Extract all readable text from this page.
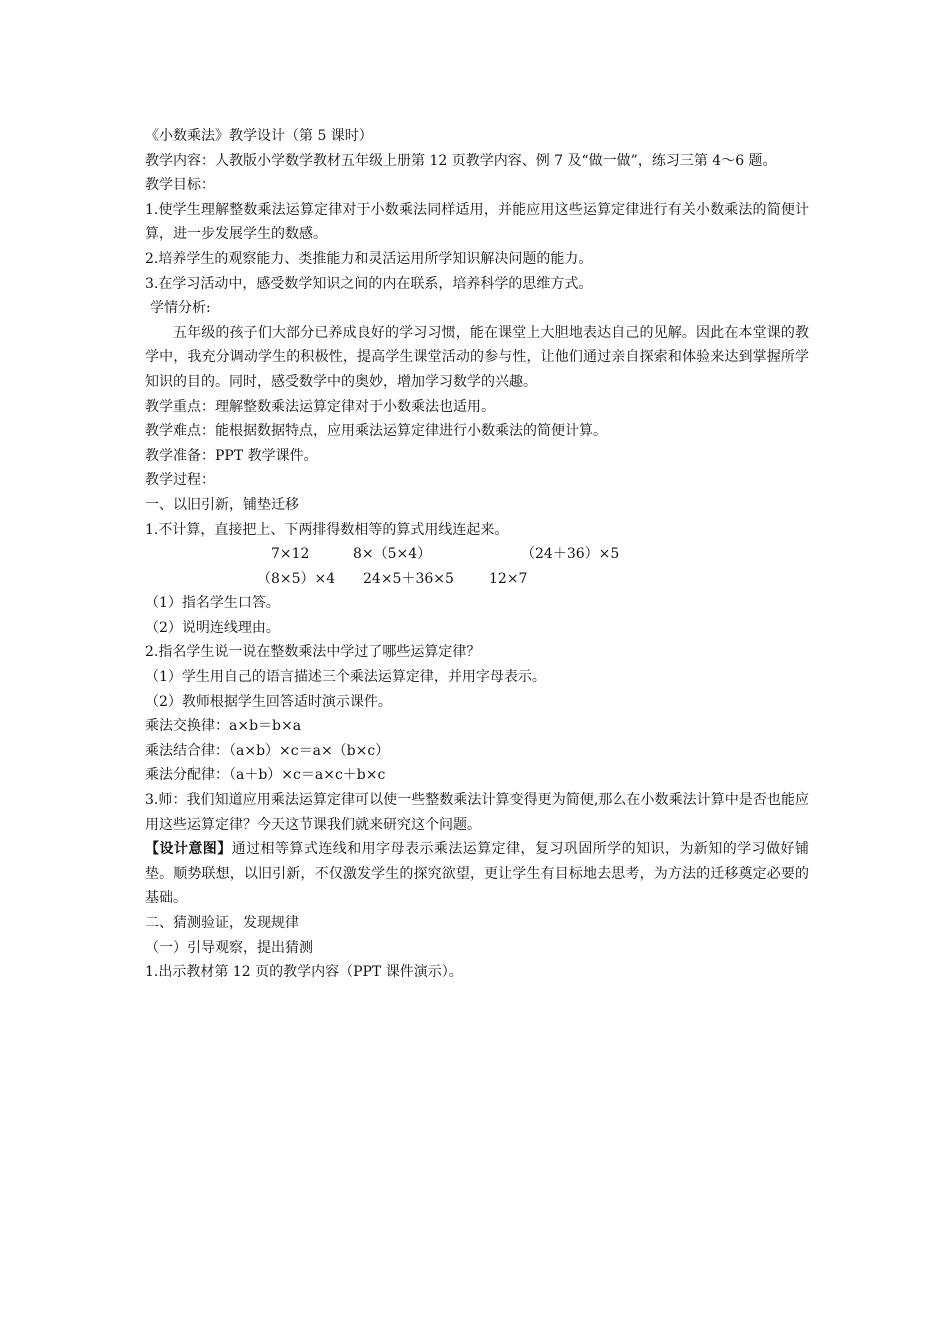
《小数乘法》教学设计（第 5 课时）

教学内容：人教版小学数学教材五年级上册第 12 页教学内容、例 7 及“做一做”，练习三第 4～6 题。

教学目标：

1.使学生理解整数乘法运算定律对于小数乘法同样适用，并能应用这些运算定律进行有关小数乘法的简便计算，进一步发展学生的数感。

2.培养学生的观察能力、类推能力和灵活运用所学知识解决问题的能力。

3.在学习活动中，感受数学知识之间的内在联系，培养科学的思维方式。

学情分析:

五年级的孩子们大部分已养成良好的学习习惯，能在课堂上大胆地表达自己的见解。因此在本堂课的教学中，我充分调动学生的积极性，提高学生课堂活动的参与性，让他们通过亲自探索和体验来达到掌握所学知识的目的。同时，感受数学中的奥妙，增加学习数学的兴趣。

教学重点：理解整数乘法运算定律对于小数乘法也适用。

教学难点：能根据数据特点，应用乘法运算定律进行小数乘法的简便计算。

教学准备：PPT 教学课件。

教学过程：

一、以旧引新，铺垫迁移

1.不计算，直接把上、下两排得数相等的算式用线连起来。

7×12	8×（5×4）	（24＋36）×5
（8×5）×4 24×5＋36×5	12×7

（1）指名学生口答。

（2）说明连线理由。

2.指名学生说一说在整数乘法中学过了哪些运算定律？

（1）学生用自己的语言描述三个乘法运算定律，并用字母表示。

（2）教师根据学生回答适时演示课件。

乘法交换律：a×b＝b×a

乘法结合律：（a×b）×c＝a×（b×c）

乘法分配律：（a＋b）×c＝a×c＋b×c

3.师：我们知道应用乘法运算定律可以使一些整数乘法计算变得更为简便,那么在小数乘法计算中是否也能应用这些运算定律？今天这节课我们就来研究这个问题。

【设计意图】通过相等算式连线和用字母表示乘法运算定律，复习巩固所学的知识，为新知的学习做好铺垫。顺势联想，以旧引新，不仅激发学生的探究欲望，更让学生有目标地去思考，为方法的迁移奠定必要的基础。

二、猜测验证，发现规律

（一）引导观察，提出猜测

1.出示教材第 12 页的教学内容（PPT 课件演示）。
